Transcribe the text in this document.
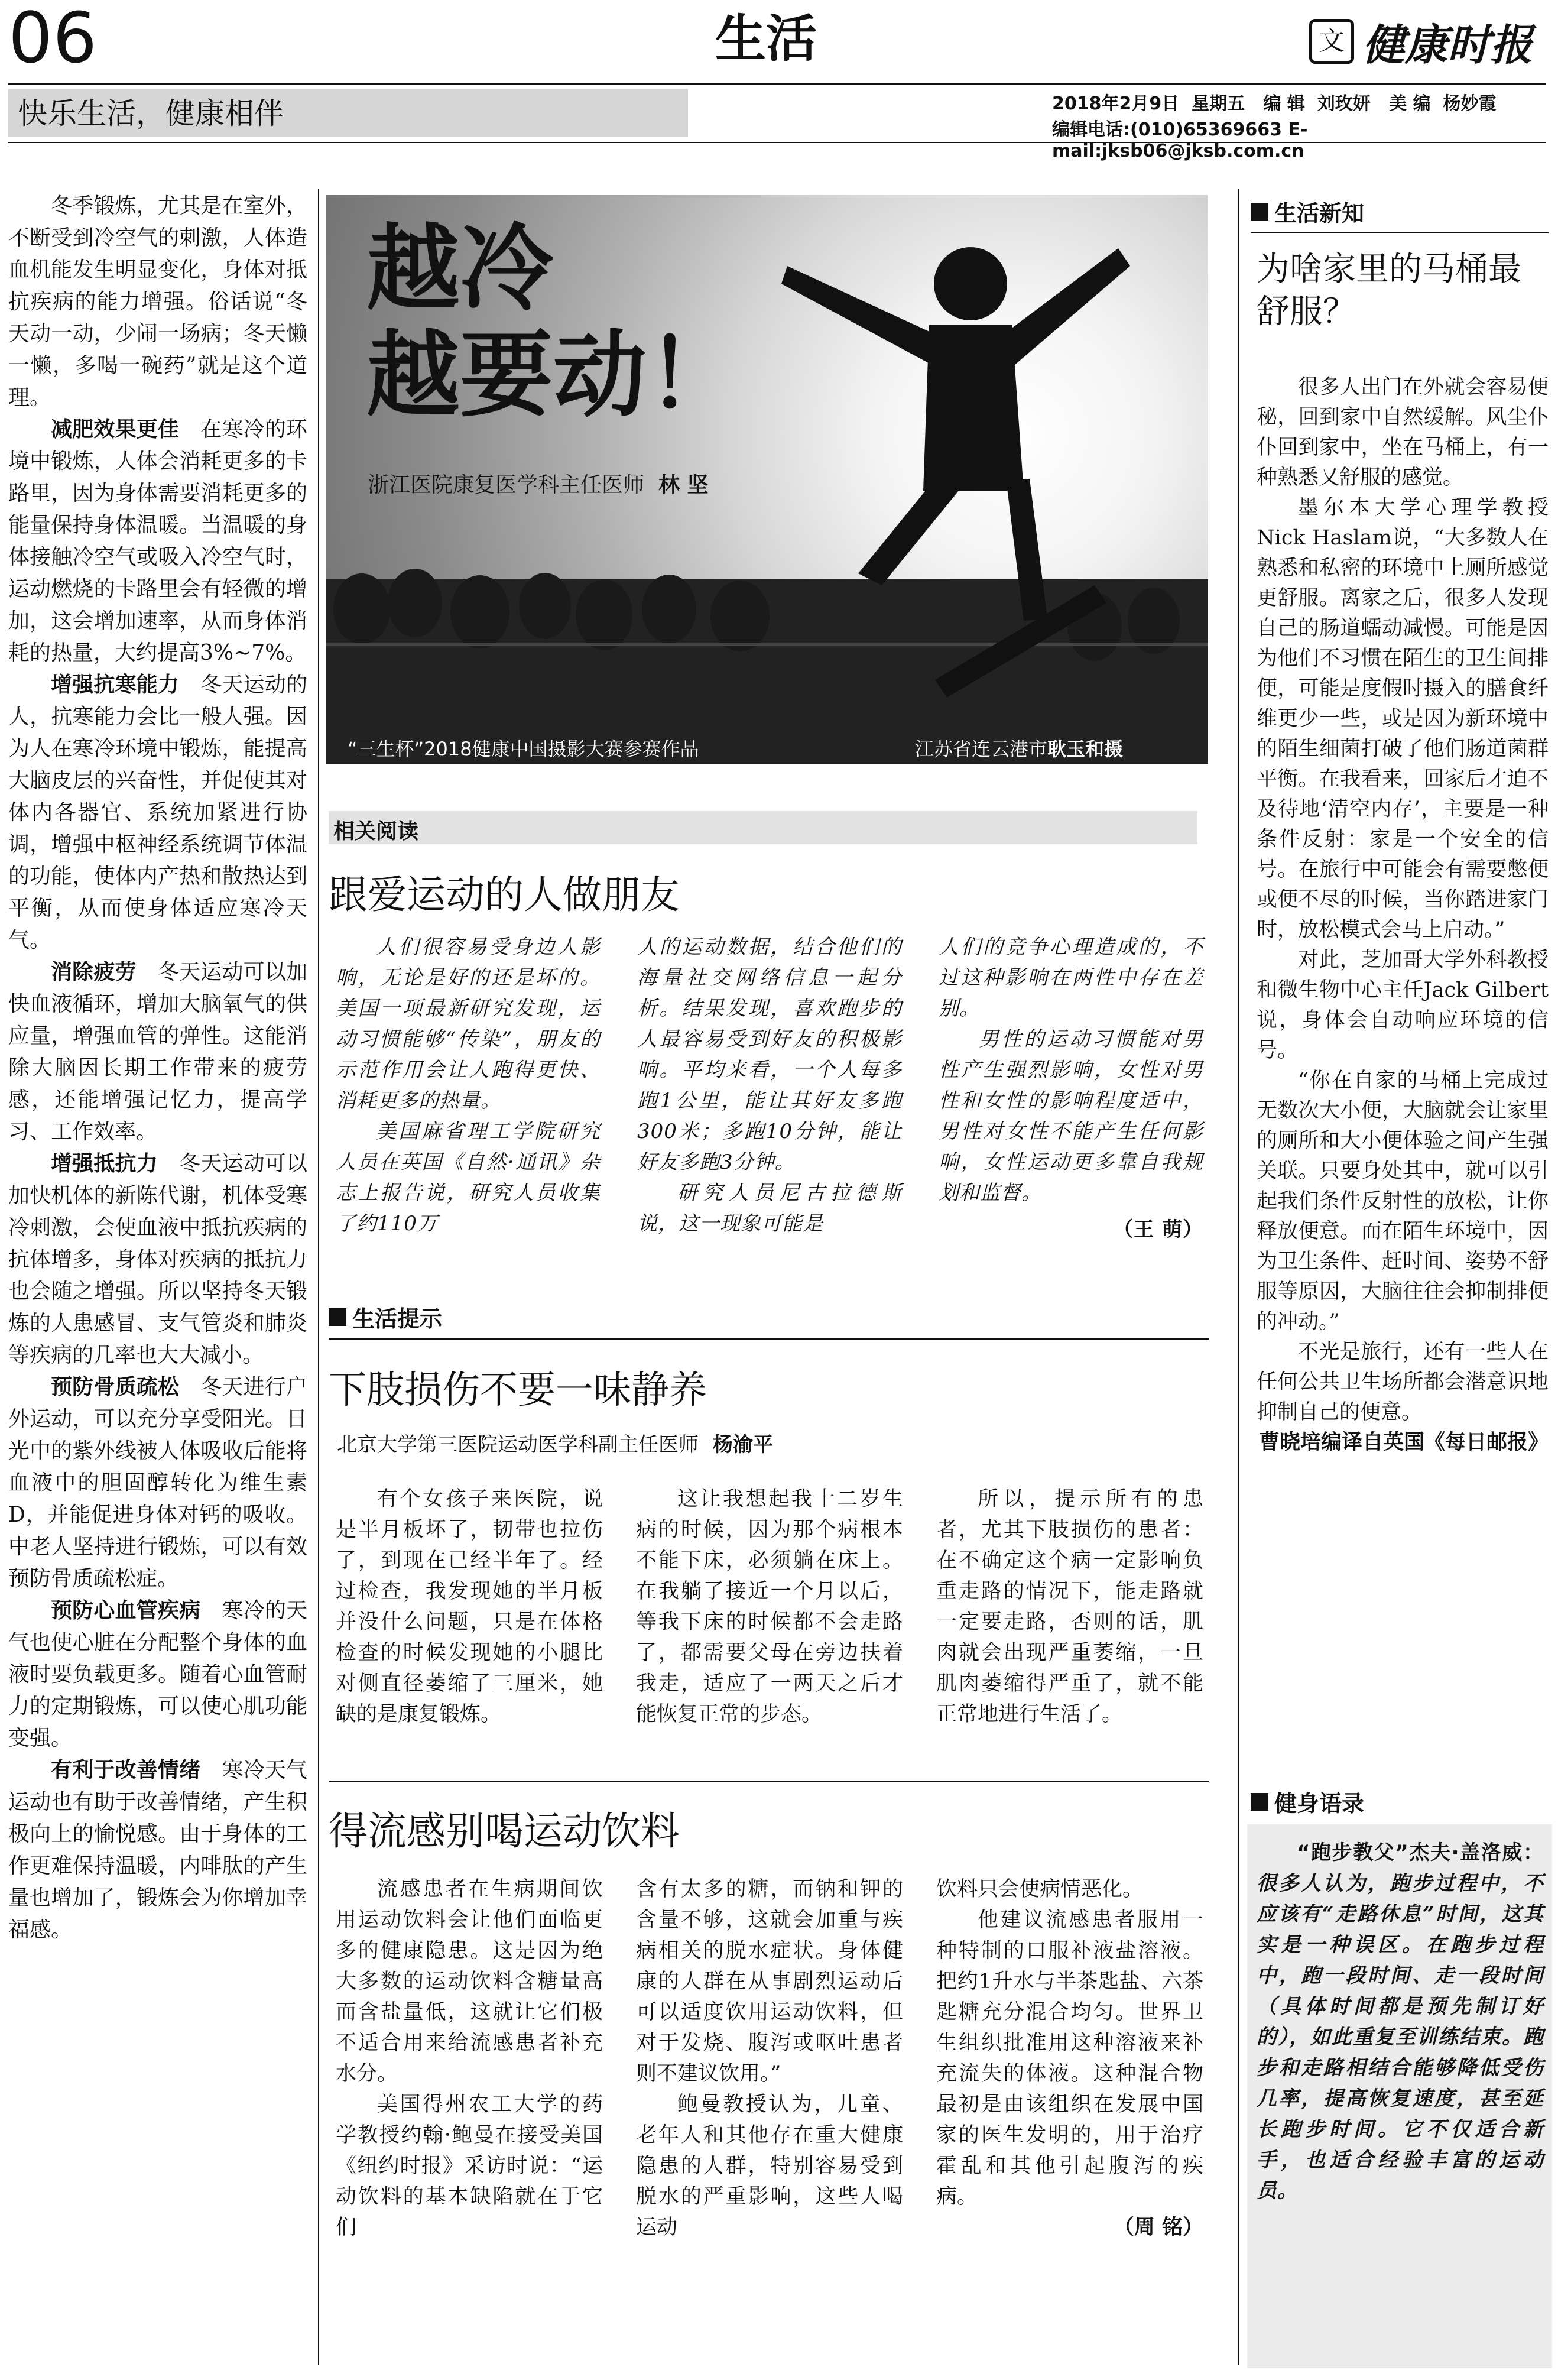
06	生活	文 健康时报
快乐生活，健康相伴	2018年2月9日  星期五   编 辑  刘玫妍   美 编  杨妙霞
编辑电话:(010)65369663 E-mail:jksb06@jksb.com.cn
越冷
越要动！
浙江医院康复医学科主任医师 林 坚
“三生杯”2018健康中国摄影大赛参赛作品	江苏省连云港市耿玉和摄

冬季锻炼，尤其是在室外，不断受到冷空气的刺激，人体造血机能发生明显变化，身体对抵抗疾病的能力增强。俗话说“冬天动一动，少闹一场病；冬天懒一懒，多喝一碗药”就是这个道理。

减肥效果更佳　 在寒冷的环境中锻炼，人体会消耗更多的卡路里，因为身体需要消耗更多的能量保持身体温暖。当温暖的身体接触冷空气或吸入冷空气时，运动燃烧的卡路里会有轻微的增加，这会增加速率，从而身体消耗的热量，大约提高3%~7%。

增强抗寒能力　 冬天运动的人，抗寒能力会比一般人强。因为人在寒冷环境中锻炼，能提高大脑皮层的兴奋性，并促使其对体内各器官、系统加紧进行协调，增强中枢神经系统调节体温的功能，使体内产热和散热达到平衡，从而使身体适应寒冷天气。

消除疲劳　 冬天运动可以加快血液循环，增加大脑氧气的供应量，增强血管的弹性。这能消除大脑因长期工作带来的疲劳感，还能增强记忆力，提高学习、工作效率。

增强抵抗力　 冬天运动可以加快机体的新陈代谢，机体受寒冷刺激，会使血液中抵抗疾病的抗体增多，身体对疾病的抵抗力也会随之增强。所以坚持冬天锻炼的人患感冒、支气管炎和肺炎等疾病的几率也大大减小。

预防骨质疏松　 冬天进行户外运动，可以充分享受阳光。日光中的紫外线被人体吸收后能将血液中的胆固醇转化为维生素D，并能促进身体对钙的吸收。中老人坚持进行锻炼，可以有效预防骨质疏松症。

预防心血管疾病　 寒冷的天气也使心脏在分配整个身体的血液时要负载更多。随着心血管耐力的定期锻炼，可以使心肌功能变强。

有利于改善情绪　 寒冷天气运动也有助于改善情绪，产生积极向上的愉悦感。由于身体的工作更难保持温暖，内啡肽的产生量也增加了，锻炼会为你增加幸福感。

相关阅读
跟爱运动的人做朋友

人们很容易受身边人影响，无论是好的还是坏的。美国一项最新研究发现，运动习惯能够“传染”，朋友的示范作用会让人跑得更快、消耗更多的热量。

美国麻省理工学院研究人员在英国《自然·通讯》杂志上报告说，研究人员收集了约110万

人的运动数据，结合他们的海量社交网络信息一起分析。结果发现，喜欢跑步的人最容易受到好友的积极影响。平均来看，一个人每多跑1公里，能让其好友多跑300米；多跑10分钟，能让好友多跑3分钟。

研究人员尼古拉德斯说，这一现象可能是

人们的竞争心理造成的，不过这种影响在两性中存在差别。

男性的运动习惯能对男性产生强烈影响，女性对男性和女性的影响程度适中，男性对女性不能产生任何影响，女性运动更多靠自我规划和监督。

（王 萌）

生活提示
下肢损伤不要一味静养
北京大学第三医院运动医学科副主任医师 杨渝平

有个女孩子来医院，说是半月板坏了，韧带也拉伤了，到现在已经半年了。经过检查，我发现她的半月板并没什么问题，只是在体格检查的时候发现她的小腿比对侧直径萎缩了三厘米，她缺的是康复锻炼。

这让我想起我十二岁生病的时候，因为那个病根本不能下床，必须躺在床上。在我躺了接近一个月以后，等我下床的时候都不会走路了，都需要父母在旁边扶着我走，适应了一两天之后才能恢复正常的步态。

所以，提示所有的患者，尤其下肢损伤的患者：在不确定这个病一定影响负重走路的情况下，能走路就一定要走路，否则的话，肌肉就会出现严重萎缩，一旦肌肉萎缩得严重了，就不能正常地进行生活了。

得流感别喝运动饮料

流感患者在生病期间饮用运动饮料会让他们面临更多的健康隐患。这是因为绝大多数的运动饮料含糖量高而含盐量低，这就让它们极不适合用来给流感患者补充水分。

美国得州农工大学的药学教授约翰·鲍曼在接受美国《纽约时报》采访时说：“运动饮料的基本缺陷就在于它们

含有太多的糖，而钠和钾的含量不够，这就会加重与疾病相关的脱水症状。身体健康的人群在从事剧烈运动后可以适度饮用运动饮料，但对于发烧、腹泻或呕吐患者则不建议饮用。”

鲍曼教授认为，儿童、老年人和其他存在重大健康隐患的人群，特别容易受到脱水的严重影响，这些人喝运动

饮料只会使病情恶化。

他建议流感患者服用一种特制的口服补液盐溶液。把约1升水与半茶匙盐、六茶匙糖充分混合均匀。世界卫生组织批准用这种溶液来补充流失的体液。这种混合物最初是由该组织在发展中国家的医生发明的，用于治疗霍乱和其他引起腹泻的疾病。

（周 铭）

生活新知
为啥家里的马桶最舒服？

很多人出门在外就会容易便秘，回到家中自然缓解。风尘仆仆回到家中，坐在马桶上，有一种熟悉又舒服的感觉。

墨尔本大学心理学教授Nick Haslam说，“大多数人在熟悉和私密的环境中上厕所感觉更舒服。离家之后，很多人发现自己的肠道蠕动减慢。可能是因为他们不习惯在陌生的卫生间排便，可能是度假时摄入的膳食纤维更少一些，或是因为新环境中的陌生细菌打破了他们肠道菌群平衡。在我看来，回家后才迫不及待地‘清空内存’，主要是一种条件反射：家是一个安全的信号。在旅行中可能会有需要憋便或便不尽的时候，当你踏进家门时，放松模式会马上启动。”

对此，芝加哥大学外科教授和微生物中心主任Jack Gilbert说，身体会自动响应环境的信号。

“你在自家的马桶上完成过无数次大小便，大脑就会让家里的厕所和大小便体验之间产生强关联。只要身处其中，就可以引起我们条件反射性的放松，让你释放便意。而在陌生环境中，因为卫生条件、赶时间、姿势不舒服等原因，大脑往往会抑制排便的冲动。”

不光是旅行，还有一些人在任何公共卫生场所都会潜意识地抑制自己的便意。

曹晓培编译自英国《每日邮报》

健身语录

“跑步教父”杰夫·盖洛威：很多人认为，跑步过程中，不应该有“走路休息”时间，这其实是一种误区。在跑步过程中，跑一段时间、走一段时间（具体时间都是预先制订好的），如此重复至训练结束。跑步和走路相结合能够降低受伤几率，提高恢复速度，甚至延长跑步时间。它不仅适合新手，也适合经验丰富的运动员。
